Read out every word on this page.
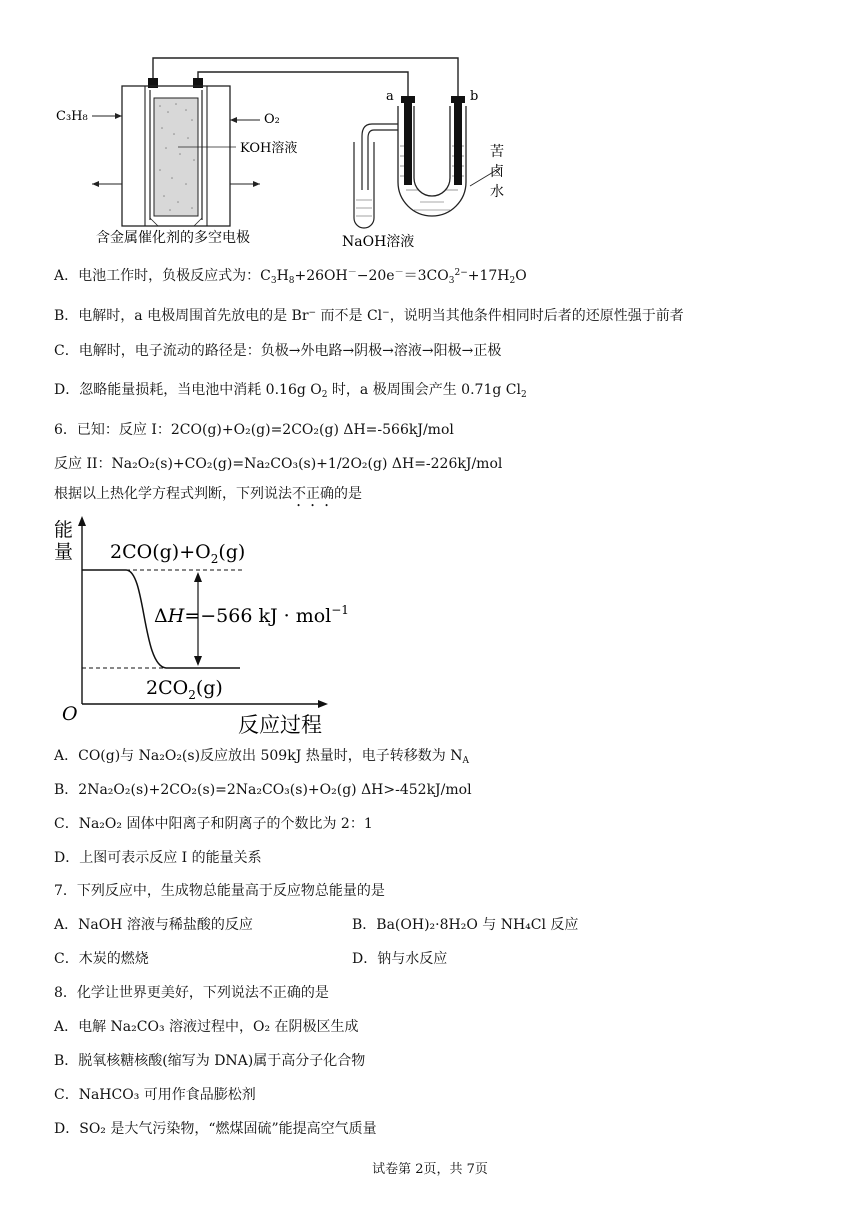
C₃H₈	O₂
KOH溶液
含金属催化剂的多空电极
a	b
苦
卤
水
NaOH溶液
A．电池工作时，负极反应式为：$C_3H_8+26OH^--20e^-=3CO_3^{2-}+17H_2O$
B．电解时，a 电极周围首先放电的是 Br− 而不是 Cl−，说明当其他条件相同时后者的还原性强于前者
C．电解时，电子流动的路径是：负极→外电路→阴极→溶液→阳极→正极
D．忽略能量损耗，当电池中消耗 0.16g $O_2$ 时，a 极周围会产生 0.71g $Cl_2$
6．已知：反应 I：2CO(g)+O₂(g)=2CO₂(g) ΔH=-566kJ/mol
反应 II：Na₂O₂(s)+CO₂(g)=Na₂CO₃(s)+1/2O₂(g) ΔH=-226kJ/mol
根据以上热化学方程式判断，下列说法不正确的是
能
量
O	反应过程
$2CO(g)+O_2(g)$
$2CO_2(g)$
ΔH=−566 kJ · mol$^{-1}$
A．CO(g)与 Na₂O₂(s)反应放出 509kJ 热量时，电子转移数为 $N_A$
B．2Na₂O₂(s)+2CO₂(s)=2Na₂CO₃(s)+O₂(g) ΔH>-452kJ/mol
C．Na₂O₂ 固体中阳离子和阴离子的个数比为 2：1
D．上图可表示反应 I 的能量关系
7．下列反应中，生成物总能量高于反应物总能量的是
A．NaOH 溶液与稀盐酸的反应	B．Ba(OH)₂·8H₂O 与 NH₄Cl 反应
C．木炭的燃烧	D．钠与水反应
8．化学让世界更美好，下列说法不正确的是
A．电解 Na₂CO₃ 溶液过程中，O₂ 在阴极区生成
B．脱氧核糖核酸(缩写为 DNA)属于高分子化合物
C．NaHCO₃ 可用作食品膨松剂
D．SO₂ 是大气污染物，“燃煤固硫”能提高空气质量
试卷第 2页，共 7页
